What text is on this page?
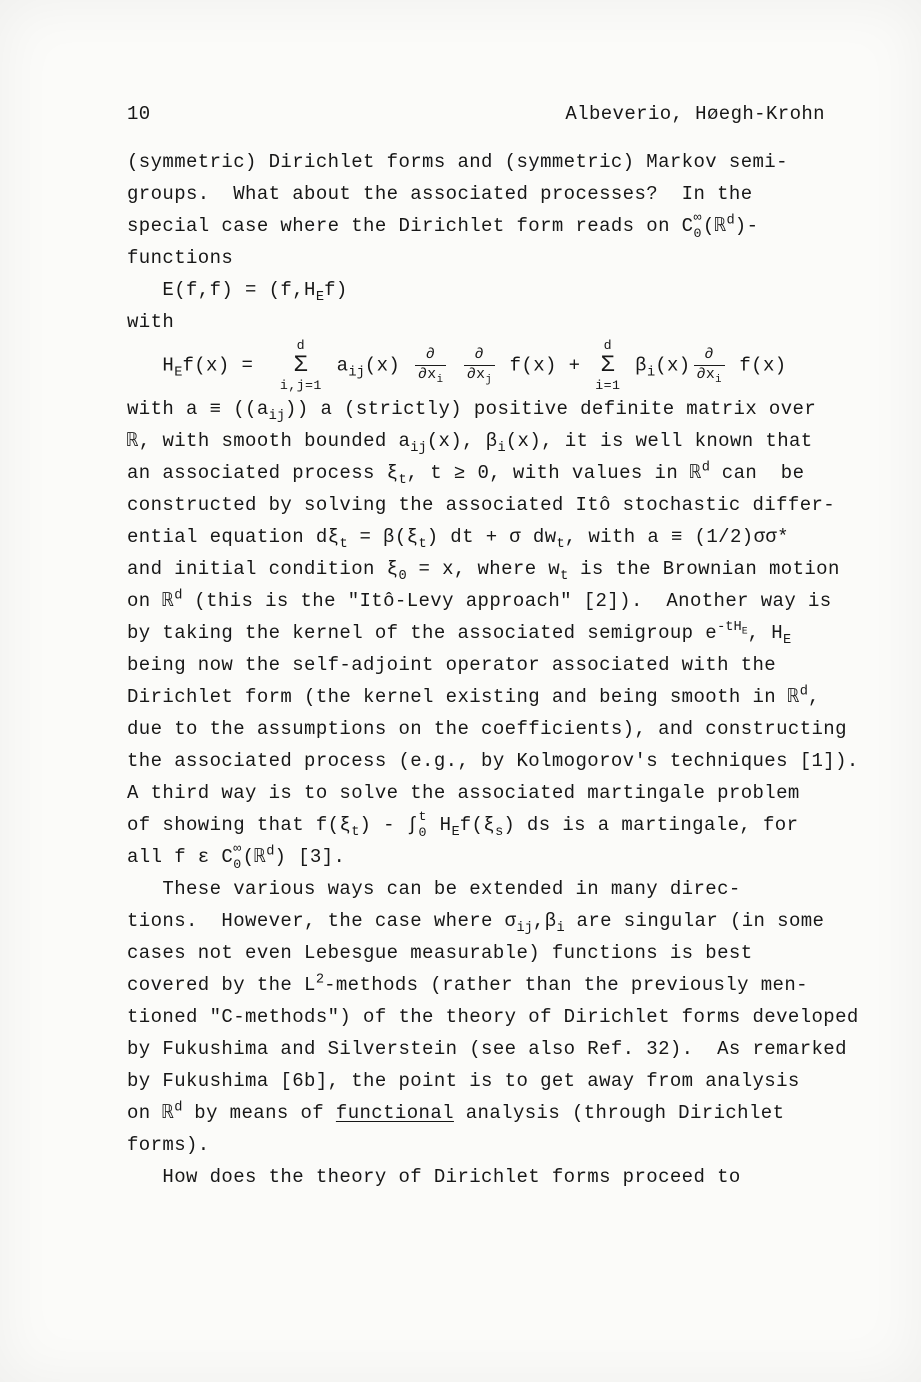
10	Albeverio, Høegh-Krohn
(symmetric) Dirichlet forms and (symmetric) Markov semi-
groups.  What about the associated processes?  In the
special case where the Dirichlet form reads on C ∞
0 (ℝ$^d$)-
functions
$E(f,f) = (f,H_Ef)$
with
$H_Ef(x)$ =
d
Σ
i,j=1
$a_{ij}(x) \frac{\partial}{\partial x_i}$
$\frac{\partial}{\partial x_j} f(x)$ +
d
Σ
i=1
$\beta_i(x) \frac{\partial}{\partial x_i} f(x)$
with $a \equiv ((a_{ij}))$ a (strictly) positive definite matrix over
ℝ, with smooth bounded $a_{ij}(x)$, $\beta_i(x)$, it is well known that
an associated process $\xi_t$, t ≥ 0, with values in ℝ$^d$ can  be
constructed by solving the associated Itô stochastic differ-
ential equation $d\xi_t = \beta(\xi_t)$ dt + σ $dw_t$, with a ≡ (1/2)σσ*
and initial condition $\xi_0 = x$, where $w_t$ is the Brownian motion
on ℝ$^d$ (this is the "Itô-Levy approach" [2]).  Another way is
by taking the kernel of the associated semigroup $e^{-tH_E}$, $H_E$
being now the self-adjoint operator associated with the
Dirichlet form (the kernel existing and being smooth in ℝ$^d$,
due to the assumptions on the coefficients), and constructing
the associated process (e.g., by Kolmogorov's techniques [1]).
A third way is to solve the associated martingale problem
of showing that $f(\xi_t)$ - ∫ t
0 $H_Ef(\xi_s)$ ds is a martingale, for
all f ε C ∞
0 (ℝ$^d$) [3].
These various ways can be extended in many direc-
tions.  However, the case where $\sigma_{ij},\beta_i$ are singular (in some
cases not even Lebesgue measurable) functions is best
covered by the $L^2$-methods (rather than the previously men-
tioned "C-methods") of the theory of Dirichlet forms developed
by Fukushima and Silverstein (see also Ref. 32).  As remarked
by Fukushima [6b], the point is to get away from analysis
on ℝ$^d$ by means of functional analysis (through Dirichlet
forms).
How does the theory of Dirichlet forms proceed to
